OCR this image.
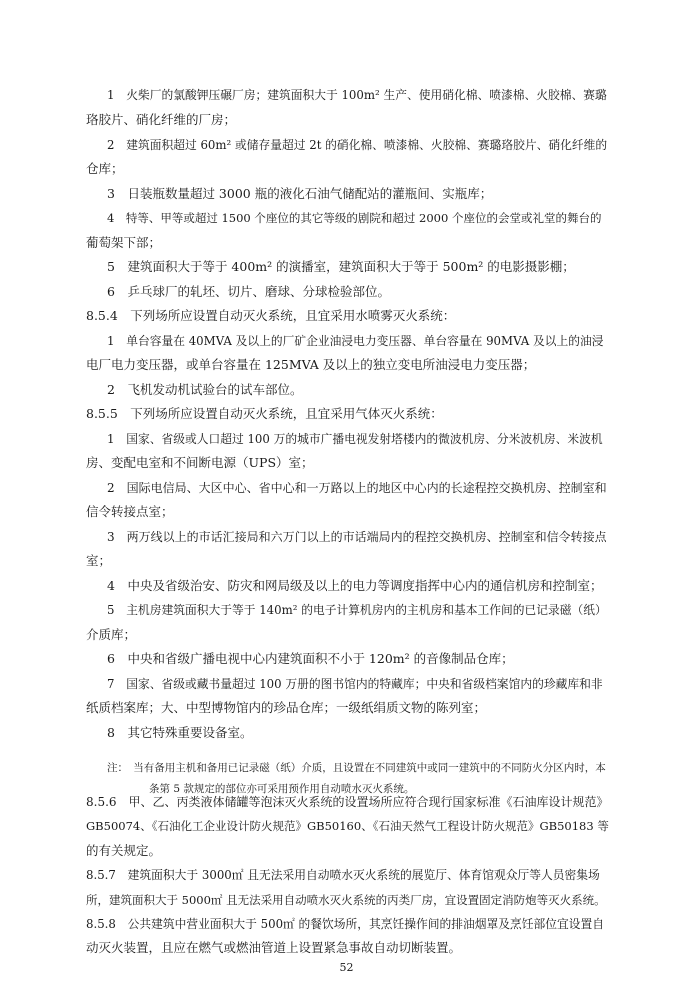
1　火柴厂的氯酸钾压碾厂房；建筑面积大于 100m² 生产、使用硝化棉、喷漆棉、火胶棉、赛璐

珞胶片、硝化纤维的厂房；

2　建筑面积超过 60m² 或储存量超过 2t 的硝化棉、喷漆棉、火胶棉、赛璐珞胶片、硝化纤维的

仓库；

3　日装瓶数量超过 3000 瓶的液化石油气储配站的灌瓶间、实瓶库；

4　特等、甲等或超过 1500 个座位的其它等级的剧院和超过 2000 个座位的会堂或礼堂的舞台的

葡萄架下部；

5　建筑面积大于等于 400m² 的演播室，建筑面积大于等于 500m² 的电影摄影棚；

6　乒乓球厂的轧坯、切片、磨球、分球检验部位。

8.5.4　下列场所应设置自动灭火系统，且宜采用水喷雾灭火系统：

1　单台容量在 40MVA 及以上的厂矿企业油浸电力变压器、单台容量在 90MVA 及以上的油浸

电厂电力变压器，或单台容量在 125MVA 及以上的独立变电所油浸电力变压器；

2　飞机发动机试验台的试车部位。

8.5.5　下列场所应设置自动灭火系统，且宜采用气体灭火系统：

1　国家、省级或人口超过 100 万的城市广播电视发射塔楼内的微波机房、分米波机房、米波机

房、变配电室和不间断电源（UPS）室；

2　国际电信局、大区中心、省中心和一万路以上的地区中心内的长途程控交换机房、控制室和

信令转接点室；

3　两万线以上的市话汇接局和六万门以上的市话端局内的程控交换机房、控制室和信令转接点

室；

4　中央及省级治安、防灾和网局级及以上的电力等调度指挥中心内的通信机房和控制室；

5　主机房建筑面积大于等于 140m² 的电子计算机房内的主机房和基本工作间的已记录磁（纸）

介质库；

6　中央和省级广播电视中心内建筑面积不小于 120m² 的音像制品仓库；

7　国家、省级或藏书量超过 100 万册的图书馆内的特藏库；中央和省级档案馆内的珍藏库和非

纸质档案库；大、中型博物馆内的珍品仓库；一级纸绢质文物的陈列室；

8　其它特殊重要设备室。

注：　当有备用主机和备用已记录磁（纸）介质，且设置在不同建筑中或同一建筑中的不同防火分区内时，本

条第 5 款规定的部位亦可采用预作用自动喷水灭火系统。

8.5.6　甲、乙、丙类液体储罐等泡沫灭火系统的设置场所应符合现行国家标准《石油库设计规范》

GB50074、《石油化工企业设计防火规范》GB50160、《石油天然气工程设计防火规范》GB50183 等

的有关规定。

8.5.7　建筑面积大于 3000㎡ 且无法采用自动喷水灭火系统的展览厅、体育馆观众厅等人员密集场

所，建筑面积大于 5000㎡ 且无法采用自动喷水灭火系统的丙类厂房，宜设置固定消防炮等灭火系统。

8.5.8　公共建筑中营业面积大于 500㎡ 的餐饮场所，其烹饪操作间的排油烟罩及烹饪部位宜设置自

动灭火装置，且应在燃气或燃油管道上设置紧急事故自动切断装置。

52
